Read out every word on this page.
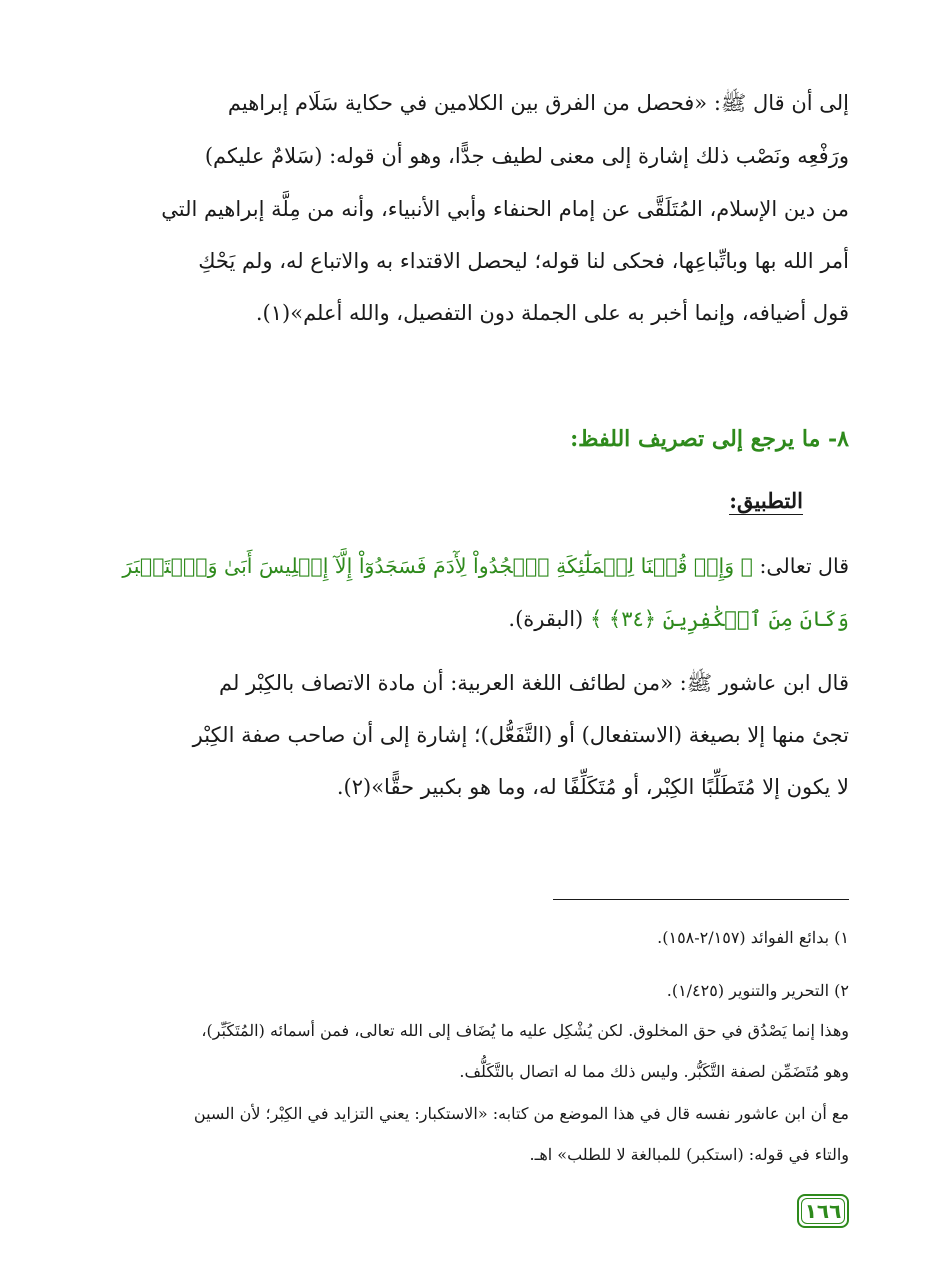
إلى أن قال ﷺ: «فحصل من الفرق بين الكلامين في حكاية سَلَام إبراهيم
ورَفْعِه ونَصْب ذلك إشارة إلى معنى لطيف جدًّا، وهو أن قوله: (سَلامٌ عليكم)
من دين الإسلام، المُتَلَقَّى عن إمام الحنفاء وأبي الأنبياء، وأنه من مِلَّة إبراهيم التي
أمر الله بها وباتِّباعِها، فحكى لنا قوله؛ ليحصل الاقتداء به والاتباع له، ولم يَحْكِ
قول أضيافه، وإنما أخبر به على الجملة دون التفصيل، والله أعلم»(١).
٨- ما يرجع إلى تصريف اللفظ:
التطبيق:
قال تعالى: ﴿ وَإِذۡ قُلۡنَا لِلۡمَلَٰٓئِكَةِ ٱسۡجُدُواْ لِأٓدَمَ فَسَجَدُوٓاْ إِلَّآ إِبۡلِيسَ أَبَىٰ وَٱسۡتَكۡبَرَ
وَكَانَ مِنَ ٱلۡكَٰفِرِينَ ﴿٣٤﴾ ﴾ (البقرة).
قال ابن عاشور ﷺ: «من لطائف اللغة العربية: أن مادة الاتصاف بالكِبْر لم
تجئ منها إلا بصيغة (الاستفعال) أو (التَّفَعُّل)؛ إشارة إلى أن صاحب صفة الكِبْر
لا يكون إلا مُتَطَلِّبًا الكِبْر، أو مُتَكَلِّفًا له، وما هو بكبير حقًّا»(٢).
١) بدائع الفوائد (٢/١٥٧-١٥٨).
٢) التحرير والتنوير (١/٤٢٥).
وهذا إنما يَصْدُق في حق المخلوق. لكن يُشْكِل عليه ما يُضَاف إلى الله تعالى، فمن أسمائه (المُتَكَبِّر)،
وهو مُتَضَمِّن لصفة التَّكَبُّر. وليس ذلك مما له اتصال بالتَّكَلُّف.
مع أن ابن عاشور نفسه قال في هذا الموضع من كتابه: «الاستكبار: يعني التزايد في الكِبْر؛ لأن السين
والتاء في قوله: (استكبر) للمبالغة لا للطلب» اهـ.
١٦٦
